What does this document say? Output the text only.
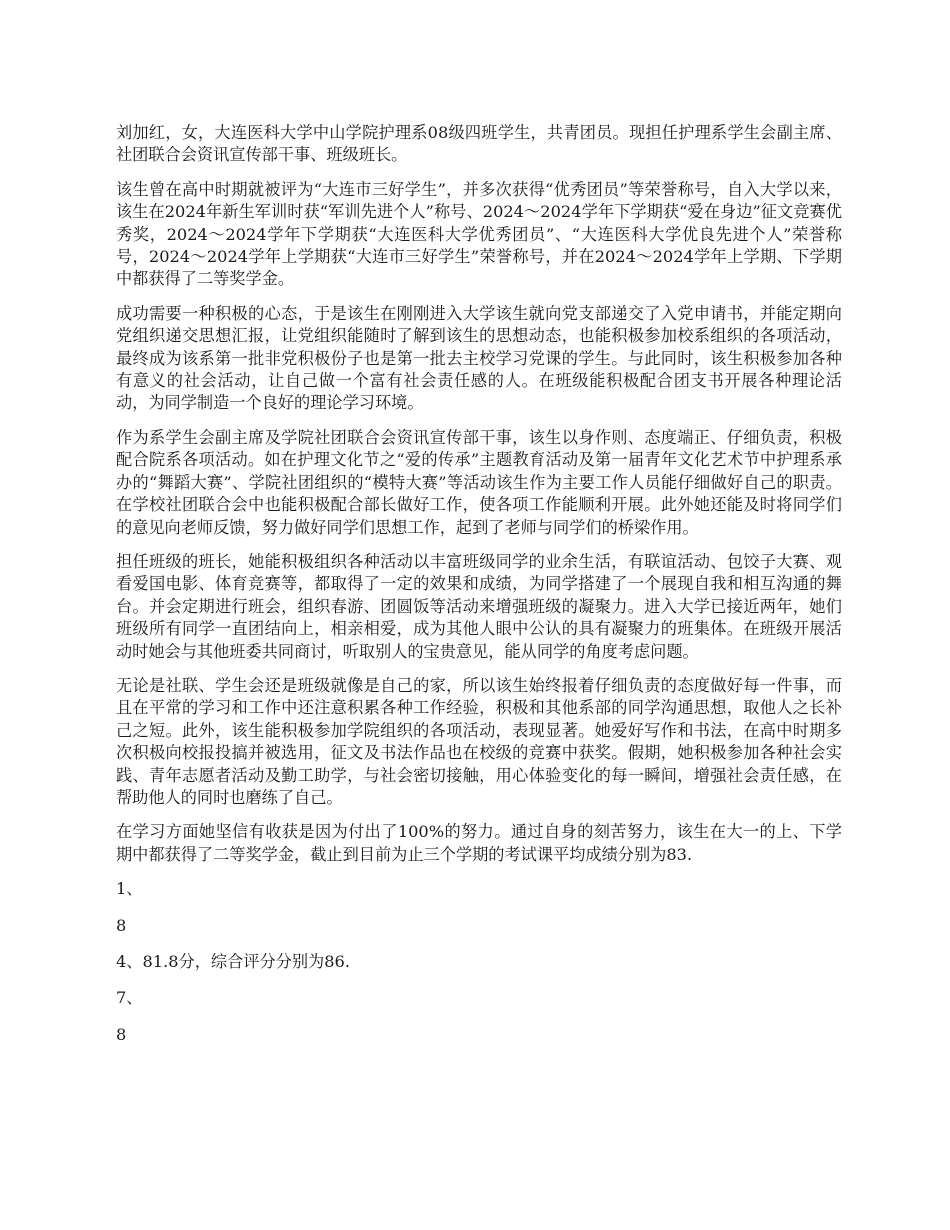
刘加红，女，大连医科大学中山学院护理系08级四班学生，共青团员。现担任护理系学生会副主席、社团联合会资讯宣传部干事、班级班长。

该生曾在高中时期就被评为“大连市三好学生”，并多次获得“优秀团员”等荣誉称号，自入大学以来，该生在2024年新生军训时获“军训先进个人”称号、2024～2024学年下学期获“爱在身边”征文竞赛优秀奖，2024～2024学年下学期获“大连医科大学优秀团员”、“大连医科大学优良先进个人”荣誉称号，2024～2024学年上学期获“大连市三好学生”荣誉称号，并在2024～2024学年上学期、下学期中都获得了二等奖学金。

成功需要一种积极的心态，于是该生在刚刚进入大学该生就向党支部递交了入党申请书，并能定期向党组织递交思想汇报，让党组织能随时了解到该生的思想动态，也能积极参加校系组织的各项活动，最终成为该系第一批非党积极份子也是第一批去主校学习党课的学生。与此同时，该生积极参加各种有意义的社会活动，让自己做一个富有社会责任感的人。在班级能积极配合团支书开展各种理论活动，为同学制造一个良好的理论学习环境。

作为系学生会副主席及学院社团联合会资讯宣传部干事，该生以身作则、态度端正、仔细负责，积极配合院系各项活动。如在护理文化节之“爱的传承”主题教育活动及第一届青年文化艺术节中护理系承办的“舞蹈大赛”、学院社团组织的“模特大赛”等活动该生作为主要工作人员能仔细做好自己的职责。在学校社团联合会中也能积极配合部长做好工作，使各项工作能顺利开展。此外她还能及时将同学们的意见向老师反馈，努力做好同学们思想工作，起到了老师与同学们的桥梁作用。

担任班级的班长，她能积极组织各种活动以丰富班级同学的业余生活，有联谊活动、包饺子大赛、观看爱国电影、体育竞赛等，都取得了一定的效果和成绩，为同学搭建了一个展现自我和相互沟通的舞台。并会定期进行班会，组织春游、团圆饭等活动来增强班级的凝聚力。进入大学已接近两年，她们班级所有同学一直团结向上，相亲相爱，成为其他人眼中公认的具有凝聚力的班集体。在班级开展活动时她会与其他班委共同商讨，听取别人的宝贵意见，能从同学的角度考虑问题。

无论是社联、学生会还是班级就像是自己的家，所以该生始终报着仔细负责的态度做好每一件事，而且在平常的学习和工作中还注意积累各种工作经验，积极和其他系部的同学沟通思想，取他人之长补己之短。此外，该生能积极参加学院组织的各项活动，表现显著。她爱好写作和书法，在高中时期多次积极向校报投搞并被选用，征文及书法作品也在校级的竞赛中获奖。假期，她积极参加各种社会实践、青年志愿者活动及勤工助学，与社会密切接触，用心体验变化的每一瞬间，增强社会责任感，在帮助他人的同时也磨练了自己。

在学习方面她坚信有收获是因为付出了100%的努力。通过自身的刻苦努力，该生在大一的上、下学期中都获得了二等奖学金，截止到目前为止三个学期的考试课平均成绩分别为83.

1、

8

4、81.8分，综合评分分别为86.

7、

8
